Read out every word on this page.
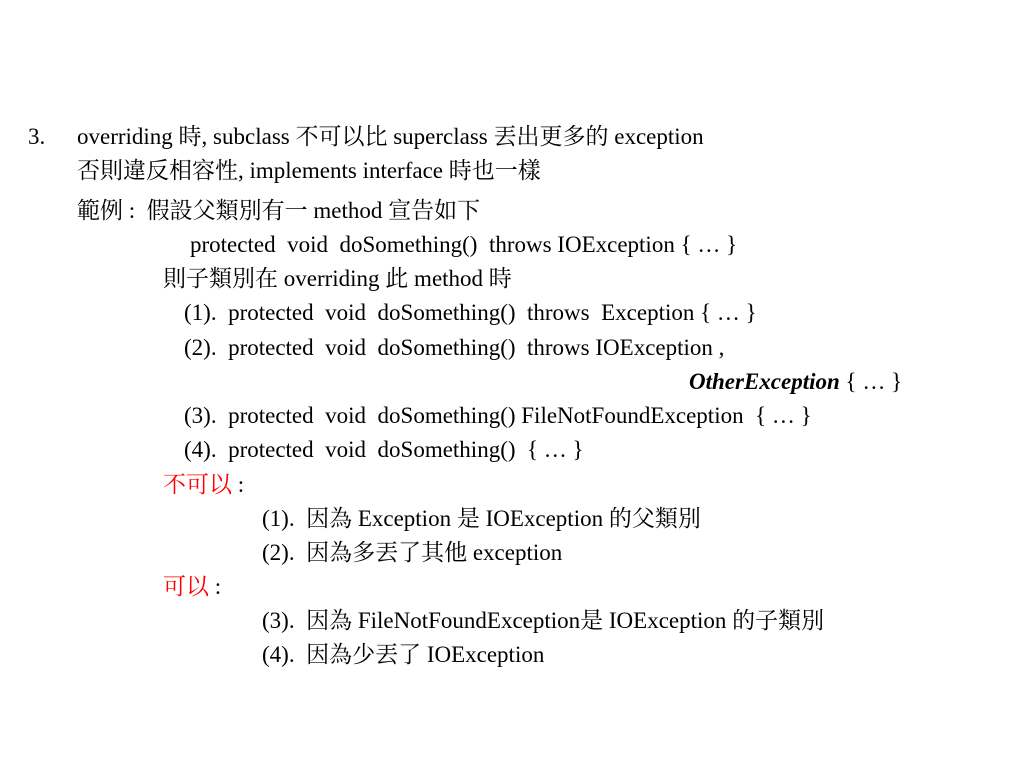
3. overriding 時, subclass 不可以比 superclass 丟出更多的 exception
否則違反相容性, implements interface 時也一樣
範例 :  假設父類別有一 method 宣告如下
protected  void  doSomething()  throws IOException { … }
則子類別在 overriding 此 method 時
(1).  protected  void  doSomething()  throws  Exception { … }
(2).  protected  void  doSomething()  throws IOException ,
OtherException { … }
(3).  protected  void  doSomething() FileNotFoundException  { … }
(4).  protected  void  doSomething()  { … }
不可以 :
(1).  因為 Exception 是 IOException 的父類別
(2).  因為多丟了其他 exception
可以 :
(3).  因為 FileNotFoundException是 IOException 的子類別
(4).  因為少丟了 IOException
